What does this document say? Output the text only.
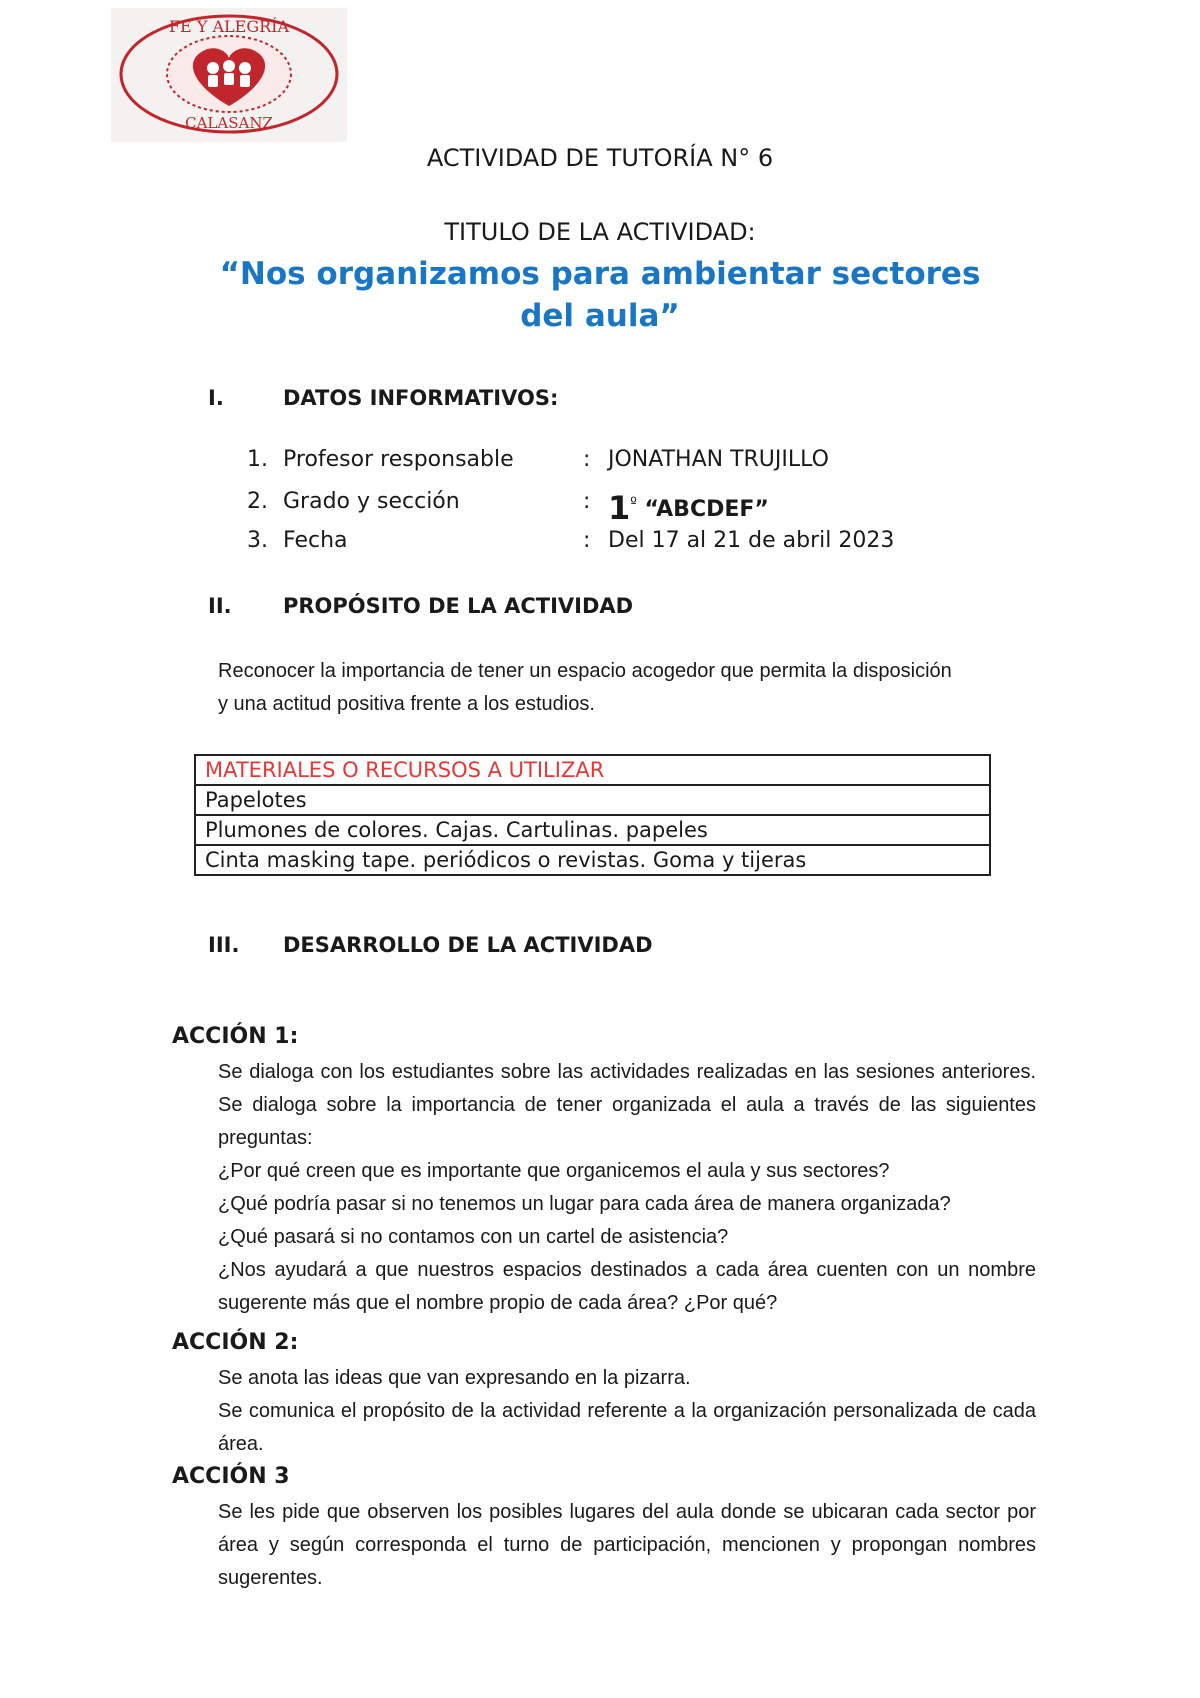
FE Y ALEGRÍA
CALASANZ
ACTIVIDAD DE TUTORÍA N° 6
TITULO DE LA ACTIVIDAD:
“Nos organizamos para ambientar sectores
del aula”
I.	DATOS INFORMATIVOS:
1. Profesor responsable	: JONATHAN TRUJILLO
2. Grado y sección	: $1^º$ “ABCDEF”
3. Fecha	: Del 17 al 21 de abril 2023
II. PROPÓSITO DE LA ACTIVIDAD
Reconocer la importancia de tener un espacio acogedor que permita la disposición
y una actitud positiva frente a los estudios.
MATERIALES O RECURSOS A UTILIZAR
Papelotes
Plumones de colores. Cajas. Cartulinas. papeles
Cinta masking tape. periódicos o revistas. Goma y tijeras
III. DESARROLLO DE LA ACTIVIDAD
ACCIÓN 1:

Se dialoga con los estudiantes sobre las actividades realizadas en las sesiones anteriores. Se dialoga sobre la importancia de tener organizada el aula a través de las siguientes preguntas:

¿Por qué creen que es importante que organicemos el aula y sus sectores?

¿Qué podría pasar si no tenemos un lugar para cada área de manera organizada?

¿Qué pasará si no contamos con un cartel de asistencia?

¿Nos ayudará a que nuestros espacios destinados a cada área cuenten con un nombre sugerente más que el nombre propio de cada área? ¿Por qué?

ACCIÓN 2:

Se anota las ideas que van expresando en la pizarra.

Se comunica el propósito de la actividad referente a la organización personalizada de cada área.

ACCIÓN 3

Se les pide que observen los posibles lugares del aula donde se ubicaran cada sector por área y según corresponda el turno de participación, mencionen y propongan nombres sugerentes.
